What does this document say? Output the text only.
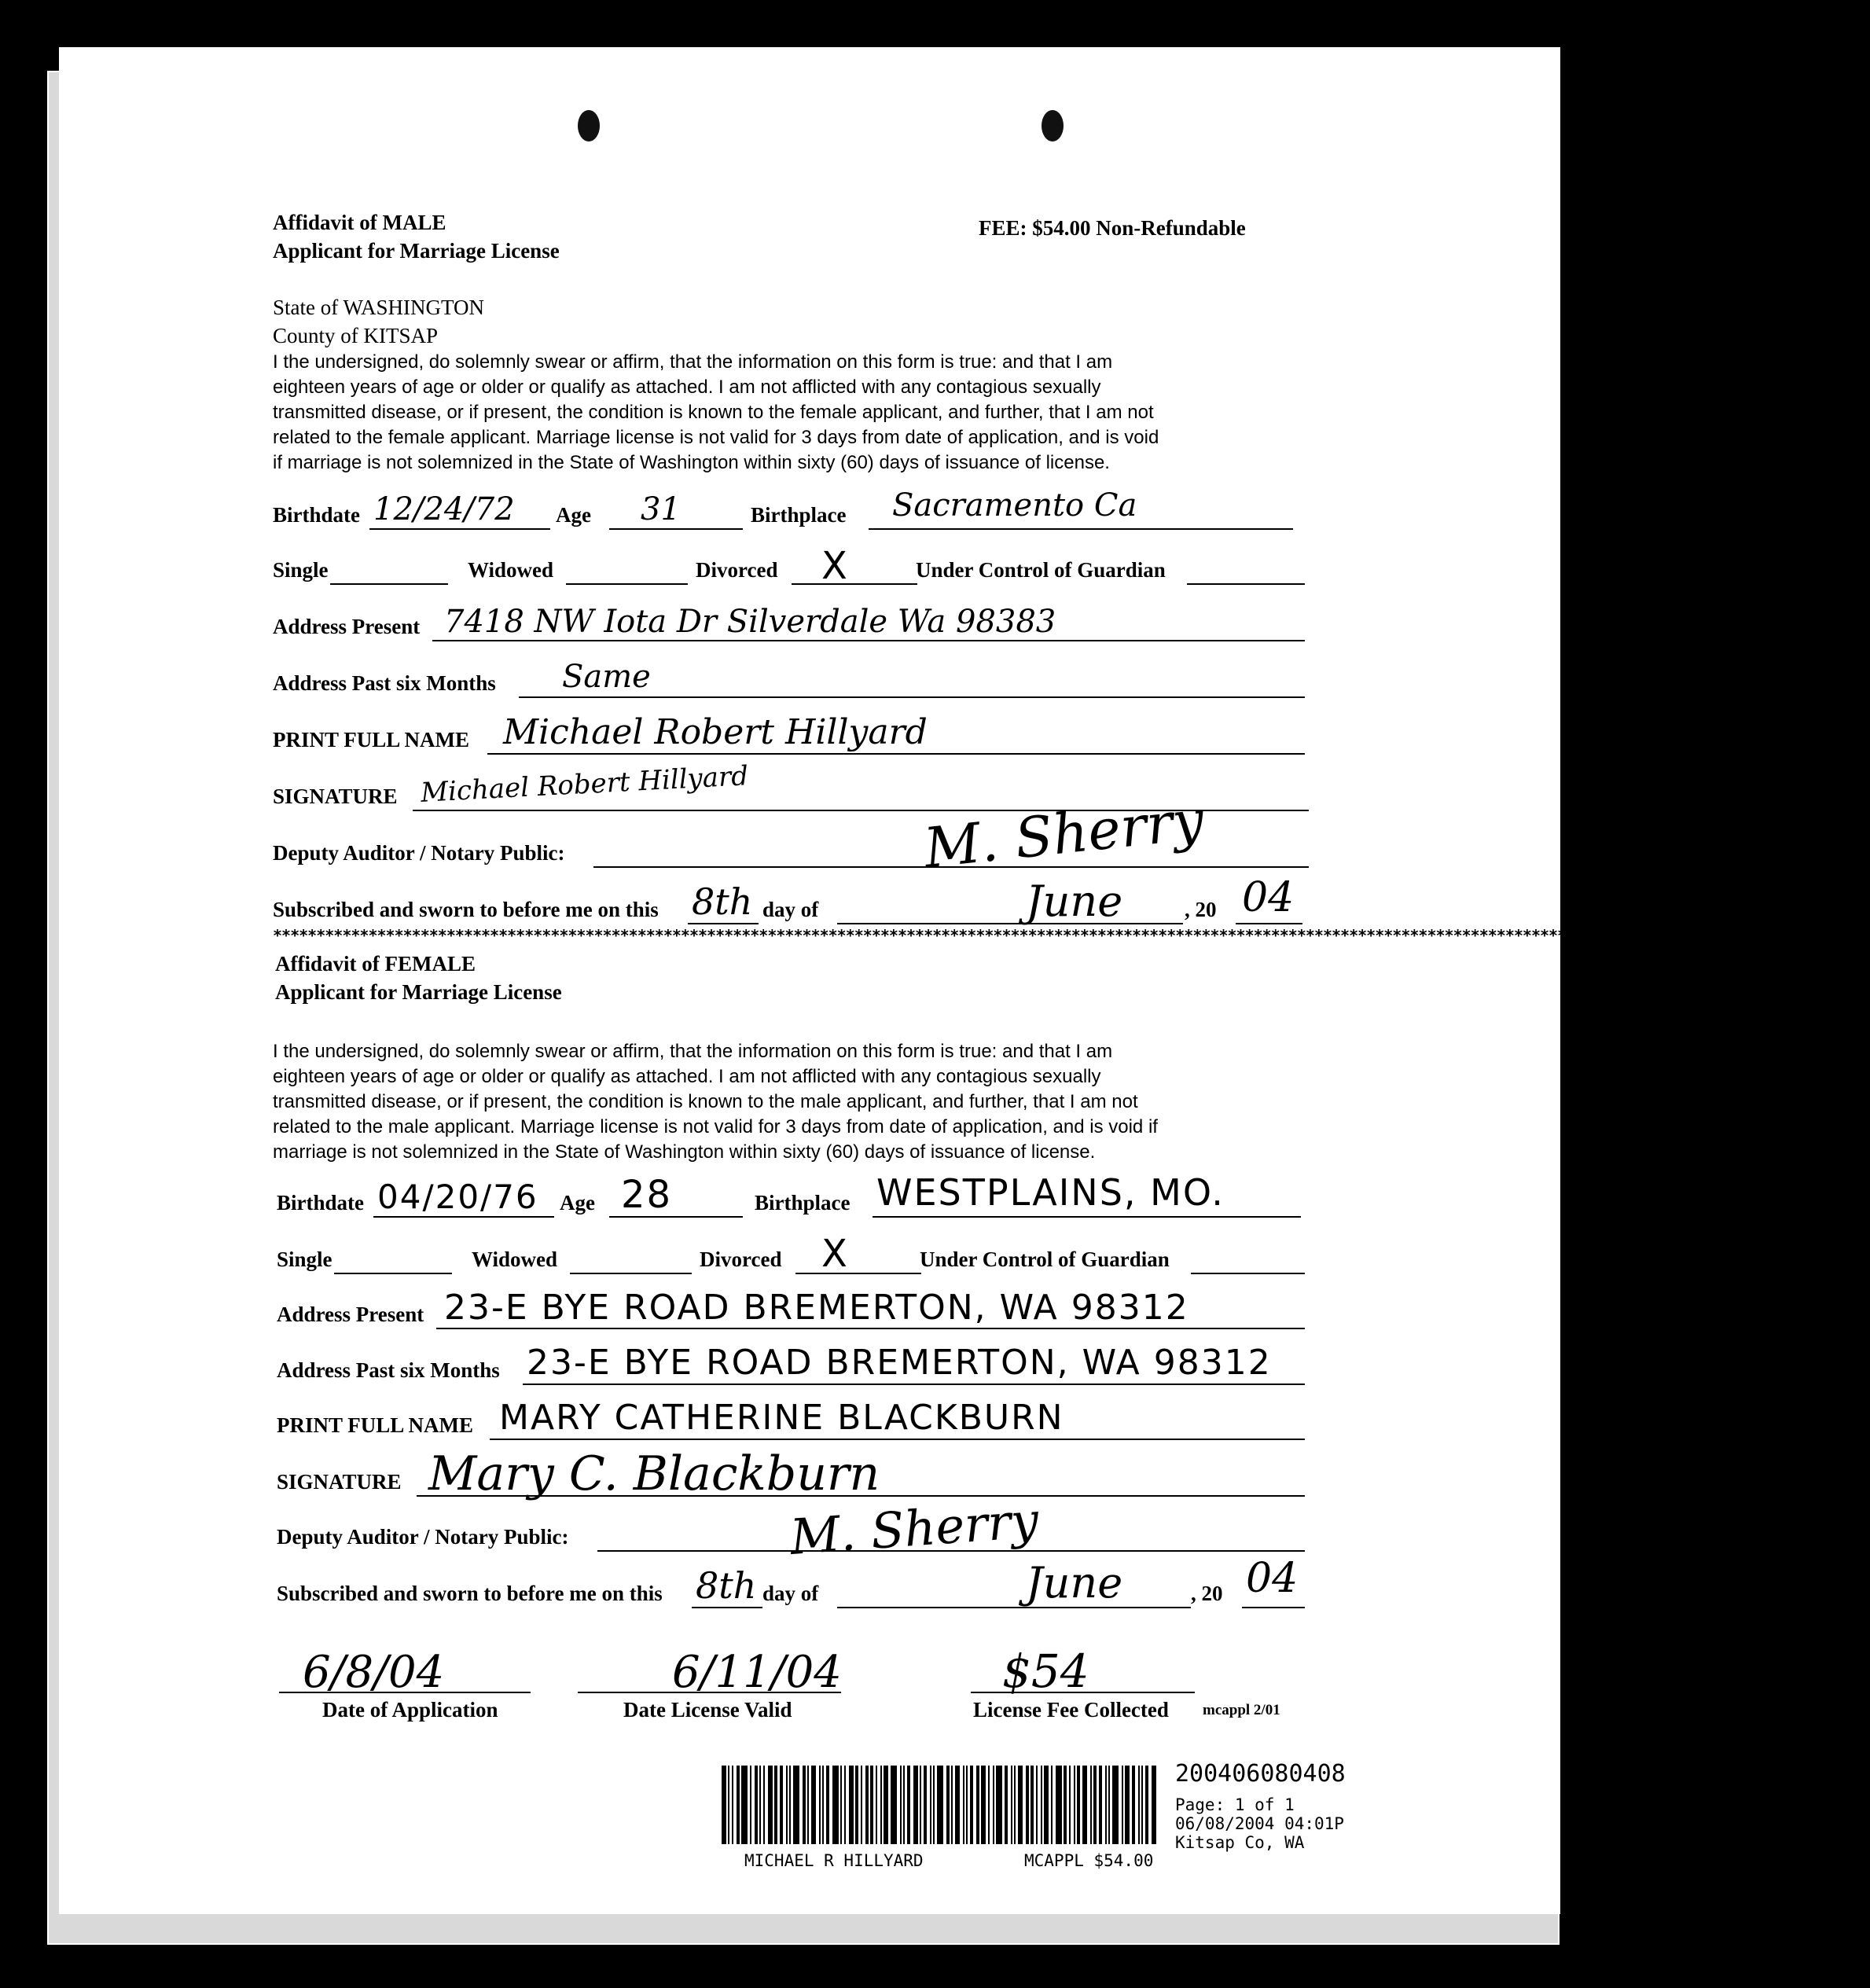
Affidavit of MALE
Applicant for Marriage License
FEE: $54.00 Non-Refundable
State of WASHINGTON
County of KITSAP
I the undersigned, do solemnly swear or affirm, that the information on this form is true: and that I am
eighteen years of age or older or qualify as attached. I am not afflicted with any contagious sexually
transmitted disease, or if present, the condition is known to the female applicant, and further, that I am not
related to the female applicant. Marriage license is not valid for 3 days from date of application, and is void
if marriage is not solemnized in the State of Washington within sixty (60) days of issuance of license.
Birthdate 12/24/72 Age 31	Birthplace Sacramento Ca
Single	Widowed	Divorced X	Under Control of Guardian
Address Present 7418 NW Iota Dr Silverdale Wa 98383
Address Past six Months Same
PRINT FULL NAME Michael Robert Hillyard
SIGNATURE Michael Robert Hillyard
Deputy Auditor / Notary Public:	M. Sherry
Subscribed and sworn to before me on this 8th day of	June	, 20 04
****************************************************************************************************************************************************************************************
Affidavit of FEMALE
Applicant for Marriage License
I the undersigned, do solemnly swear or affirm, that the information on this form is true: and that I am
eighteen years of age or older or qualify as attached. I am not afflicted with any contagious sexually
transmitted disease, or if present, the condition is known to the male applicant, and further, that I am not
related to the male applicant. Marriage license is not valid for 3 days from date of application, and is void if
marriage is not solemnized in the State of Washington within sixty (60) days of issuance of license.
Birthdate 04/20/76 Age 28	Birthplace WESTPLAINS, MO.
Single	Widowed	Divorced X	Under Control of Guardian
Address Present 23-E BYE ROAD BREMERTON, WA 98312
Address Past six Months 23-E BYE ROAD BREMERTON, WA 98312
PRINT FULL NAME MARY CATHERINE BLACKBURN
SIGNATURE Mary C. Blackburn
Deputy Auditor / Notary Public:	M. Sherry
Subscribed and sworn to before me on this 8th day of	June	, 20 04
6/8/04
Date of Application
6/11/04
Date License Valid
$54
License Fee Collected mcappl 2/01
200406080408
Page: 1 of 1
06/08/2004 04:01P
Kitsap Co, WA
MICHAEL R HILLYARD	MCAPPL $54.00
